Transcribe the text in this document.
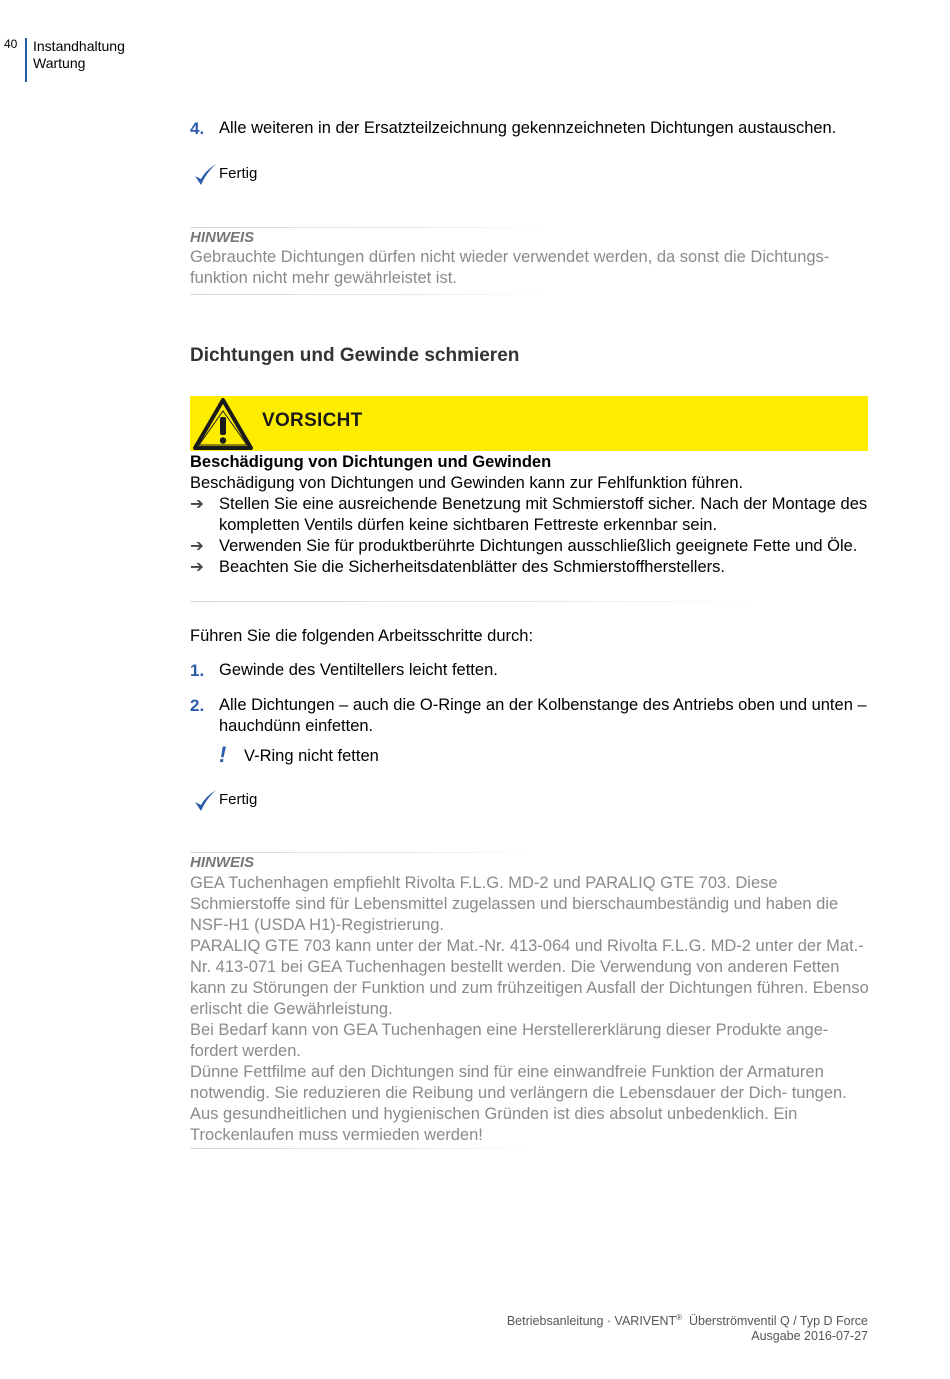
40 Instandhaltung
Wartung
4. Alle weiteren in der Ersatzteilzeichnung gekennzeichneten Dichtungen austauschen.
Fertig
HINWEIS

Gebrauchte Dichtungen dürfen nicht wieder verwendet werden, da sonst die Dichtungs- funktion nicht mehr gewährleistet ist.

Dichtungen und Gewinde schmieren
VORSICHT
Beschädigung von Dichtungen und Gewinden
Beschädigung von Dichtungen und Gewinden kann zur Fehlfunktion führen.
➔ Stellen Sie eine ausreichende Benetzung mit Schmierstoff sicher. Nach der Montage des kompletten Ventils dürfen keine sichtbaren Fettreste erkennbar sein.
➔ Verwenden Sie für produktberührte Dichtungen ausschließlich geeignete Fette und Öle.
➔ Beachten Sie die Sicherheitsdatenblätter des Schmierstoffherstellers.
Führen Sie die folgenden Arbeitsschritte durch:
1. Gewinde des Ventiltellers leicht fetten.
2. Alle Dichtungen – auch die O-Ringe an der Kolbenstange des Antriebs oben und unten – hauchdünn einfetten.
! V-Ring nicht fetten
Fertig
HINWEIS

GEA Tuchenhagen empfiehlt Rivolta F.L.G. MD-2 und PARALIQ GTE 703. Diese Schmierstoffe sind für Lebensmittel zugelassen und bierschaumbeständig und haben die NSF-H1 (USDA H1)-Registrierung.

PARALIQ GTE 703 kann unter der Mat.-Nr. 413-064 und Rivolta F.L.G. MD-2 unter der Mat.-Nr. 413-071 bei GEA Tuchenhagen bestellt werden. Die Verwendung von anderen Fetten kann zu Störungen der Funktion und zum frühzeitigen Ausfall der Dichtungen führen. Ebenso erlischt die Gewährleistung.

Bei Bedarf kann von GEA Tuchenhagen eine Herstellererklärung dieser Produkte ange- fordert werden.

Dünne Fettfilme auf den Dichtungen sind für eine einwandfreie Funktion der Armaturen notwendig. Sie reduzieren die Reibung und verlängern die Lebensdauer der Dich- tungen. Aus gesundheitlichen und hygienischen Gründen ist dies absolut unbedenklich. Ein Trockenlaufen muss vermieden werden!

Betriebsanleitung · VARIVENT® Überströmventil Q / Typ D Force
Ausgabe 2016-07-27
